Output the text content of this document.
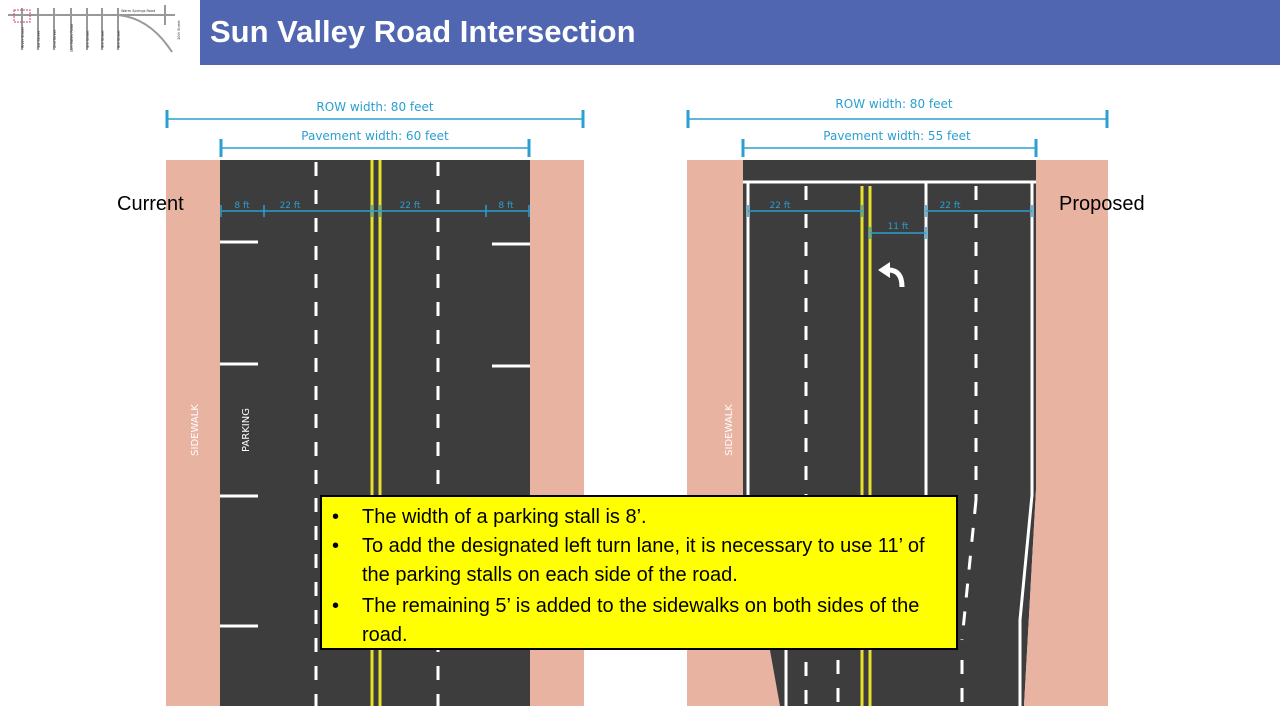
Sun Valley Road Intersection
River Street	1st Street	2nd Street	Sun Valley Road	4th Street	5th Street	6th Street
Warm Springs Road
10th Street
ROW width: 80 feet
Pavement width: 60 feet
8 ft	22 ft	22 ft	8 ft
SIDEWALK	PARKING
ROW width: 80 feet
Pavement width: 55 feet
22 ft
11 ft
22 ft
SIDEWALK
Current	Proposed
• The width of a parking stall is 8’.
• To add the designated left turn lane, it is necessary to use 11’ of the parking stalls on each side of the road.
• The remaining 5’ is added to the sidewalks on both sides of the road.
